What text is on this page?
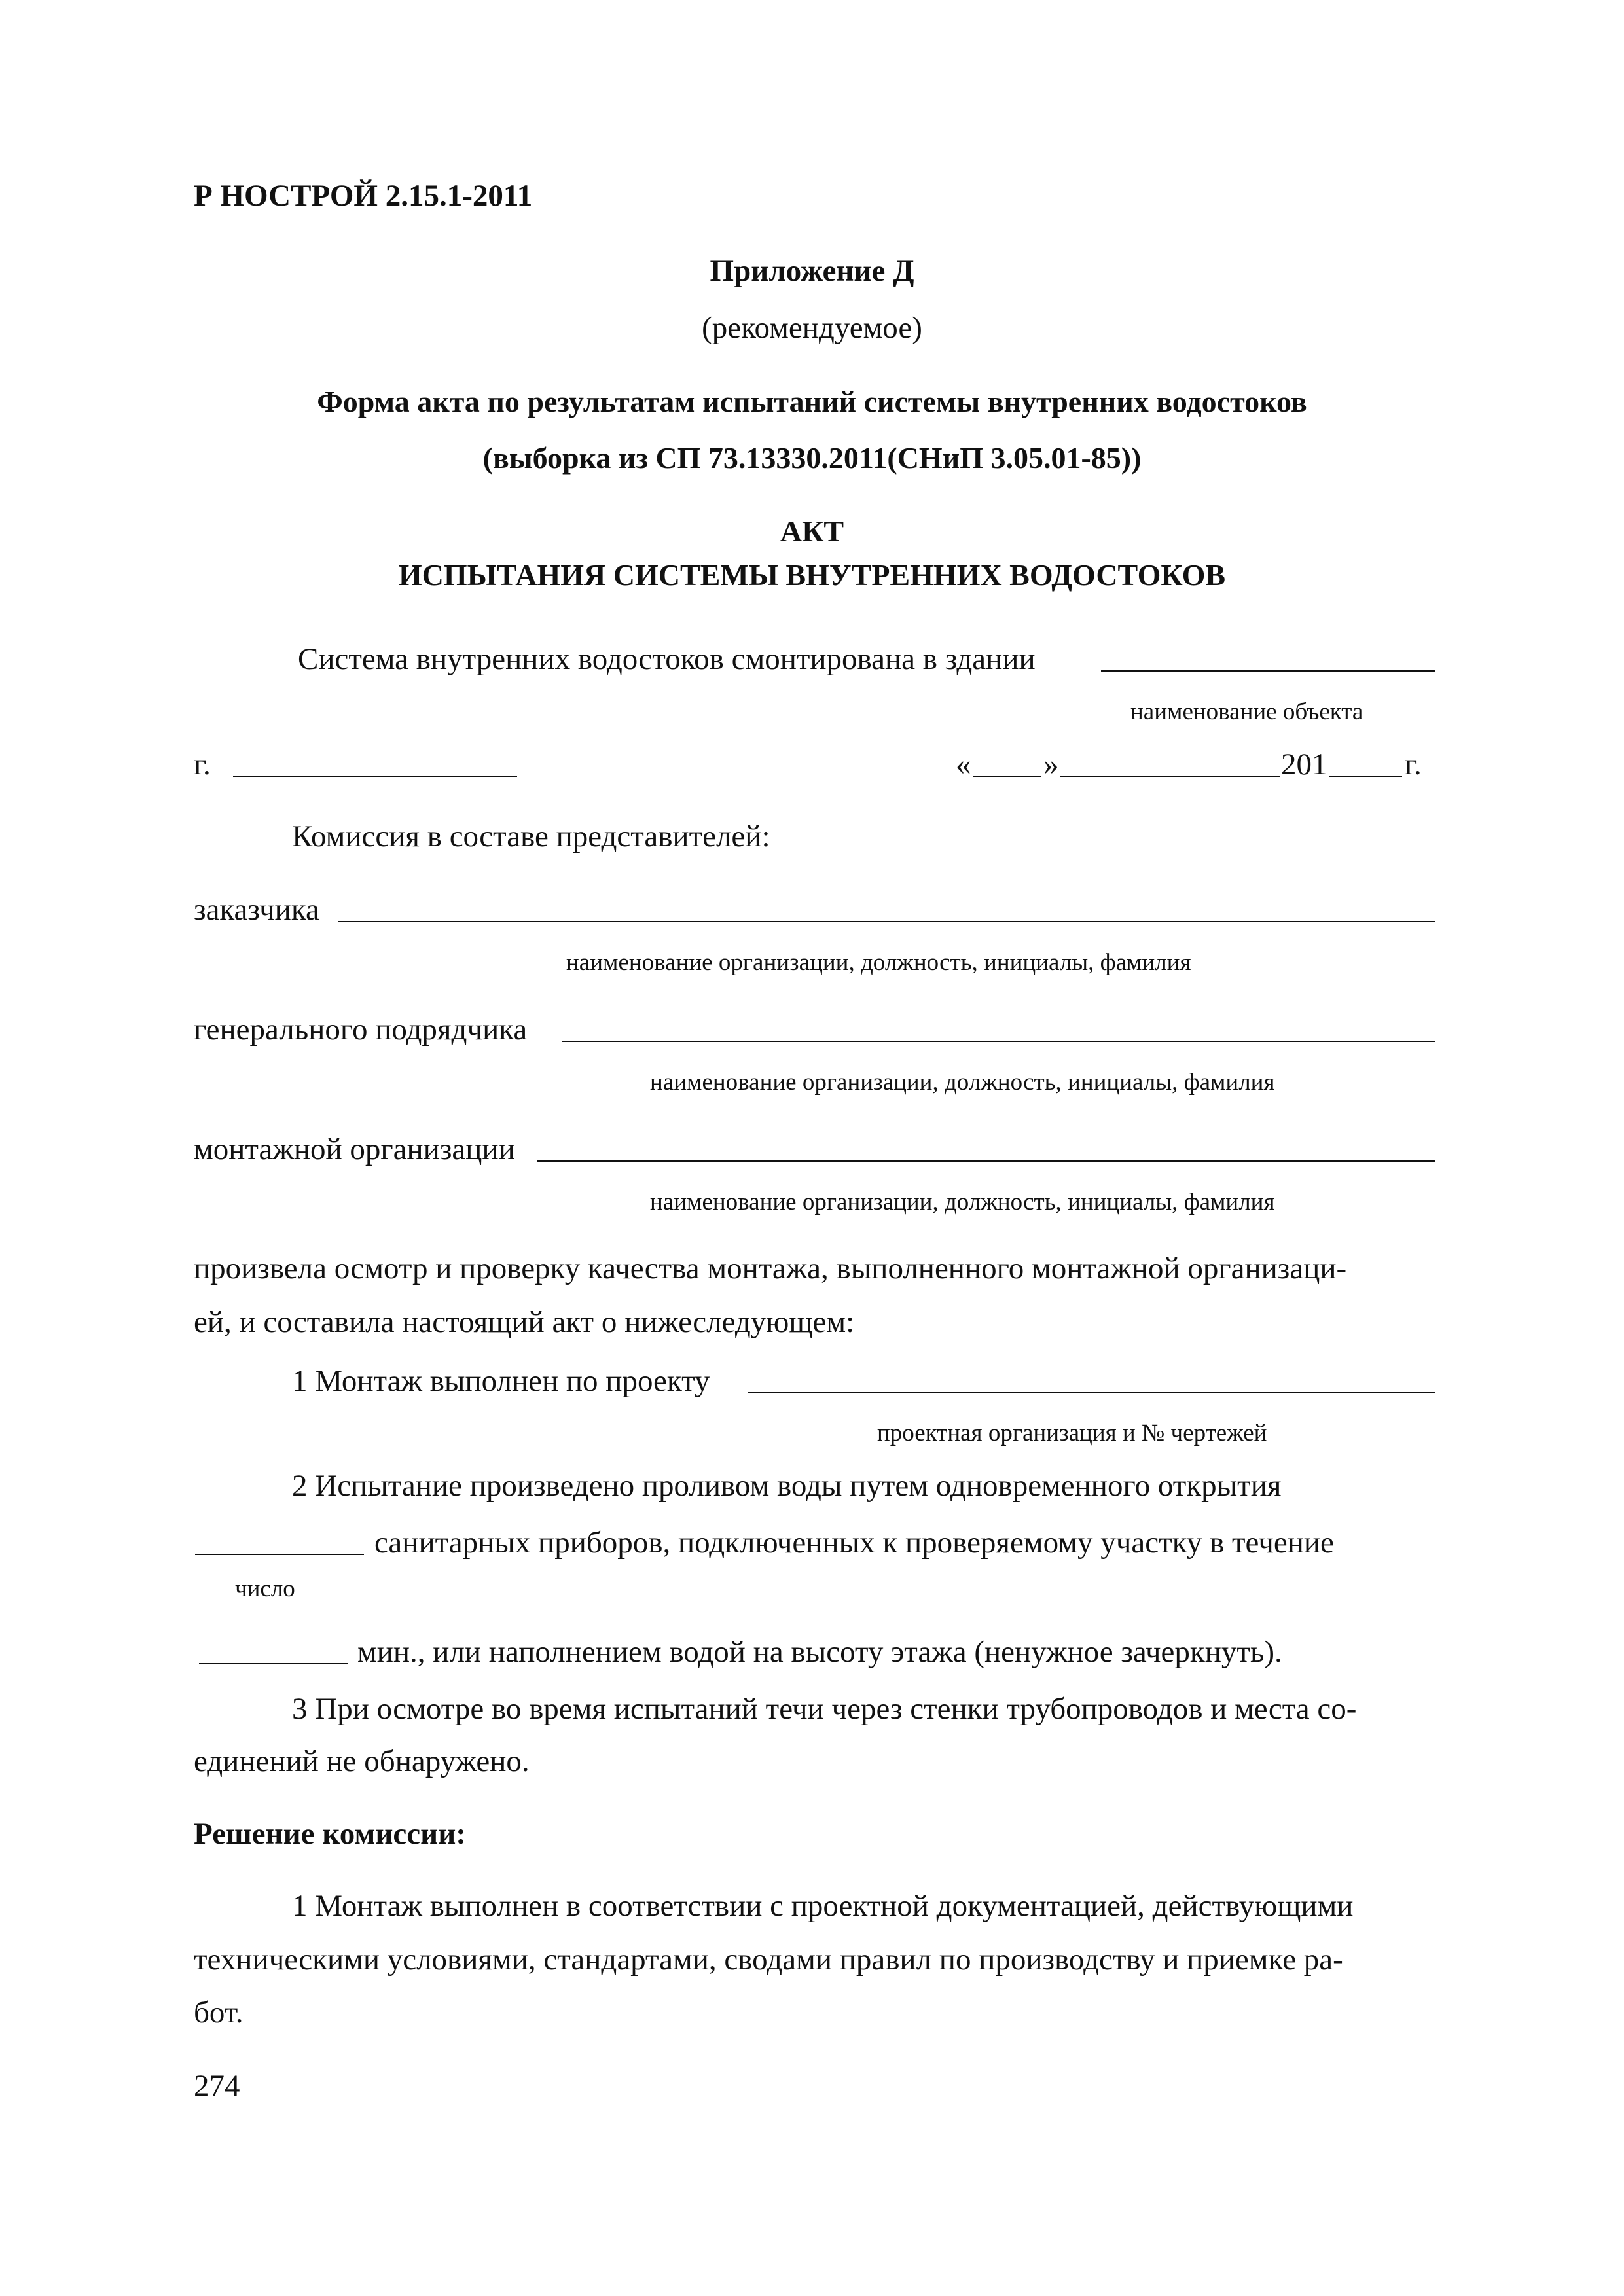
Р НОСТРОЙ 2.15.1-2011
Приложение Д
(рекомендуемое)
Форма акта по результатам испытаний системы внутренних водостоков
(выборка из СП 73.13330.2011(СНиП 3.05.01-85))
АКТ
ИСПЫТАНИЯ СИСТЕМЫ ВНУТРЕННИХ ВОДОСТОКОВ
Система внутренних водостоков смонтирована в здании
наименование объекта
г.	« »	201	г.
Комиссия в составе представителей:
заказчика
наименование организации, должность, инициалы, фамилия
генерального подрядчика
наименование организации, должность, инициалы, фамилия
монтажной организации
наименование организации, должность, инициалы, фамилия
произвела осмотр и проверку качества монтажа, выполненного монтажной организаци-
ей, и составила настоящий акт о нижеследующем:
1 Монтаж выполнен по проекту
проектная организация и № чертежей
2 Испытание произведено проливом воды путем одновременного открытия
санитарных приборов, подключенных к проверяемому участку в течение
число
мин., или наполнением водой на высоту этажа (ненужное зачеркнуть).
3 При осмотре во время испытаний течи через стенки трубопроводов и места со-
единений не обнаружено.
Решение комиссии:
1 Монтаж выполнен в соответствии с проектной документацией, действующими
техническими условиями, стандартами, сводами правил по производству и приемке ра-
бот.
274
